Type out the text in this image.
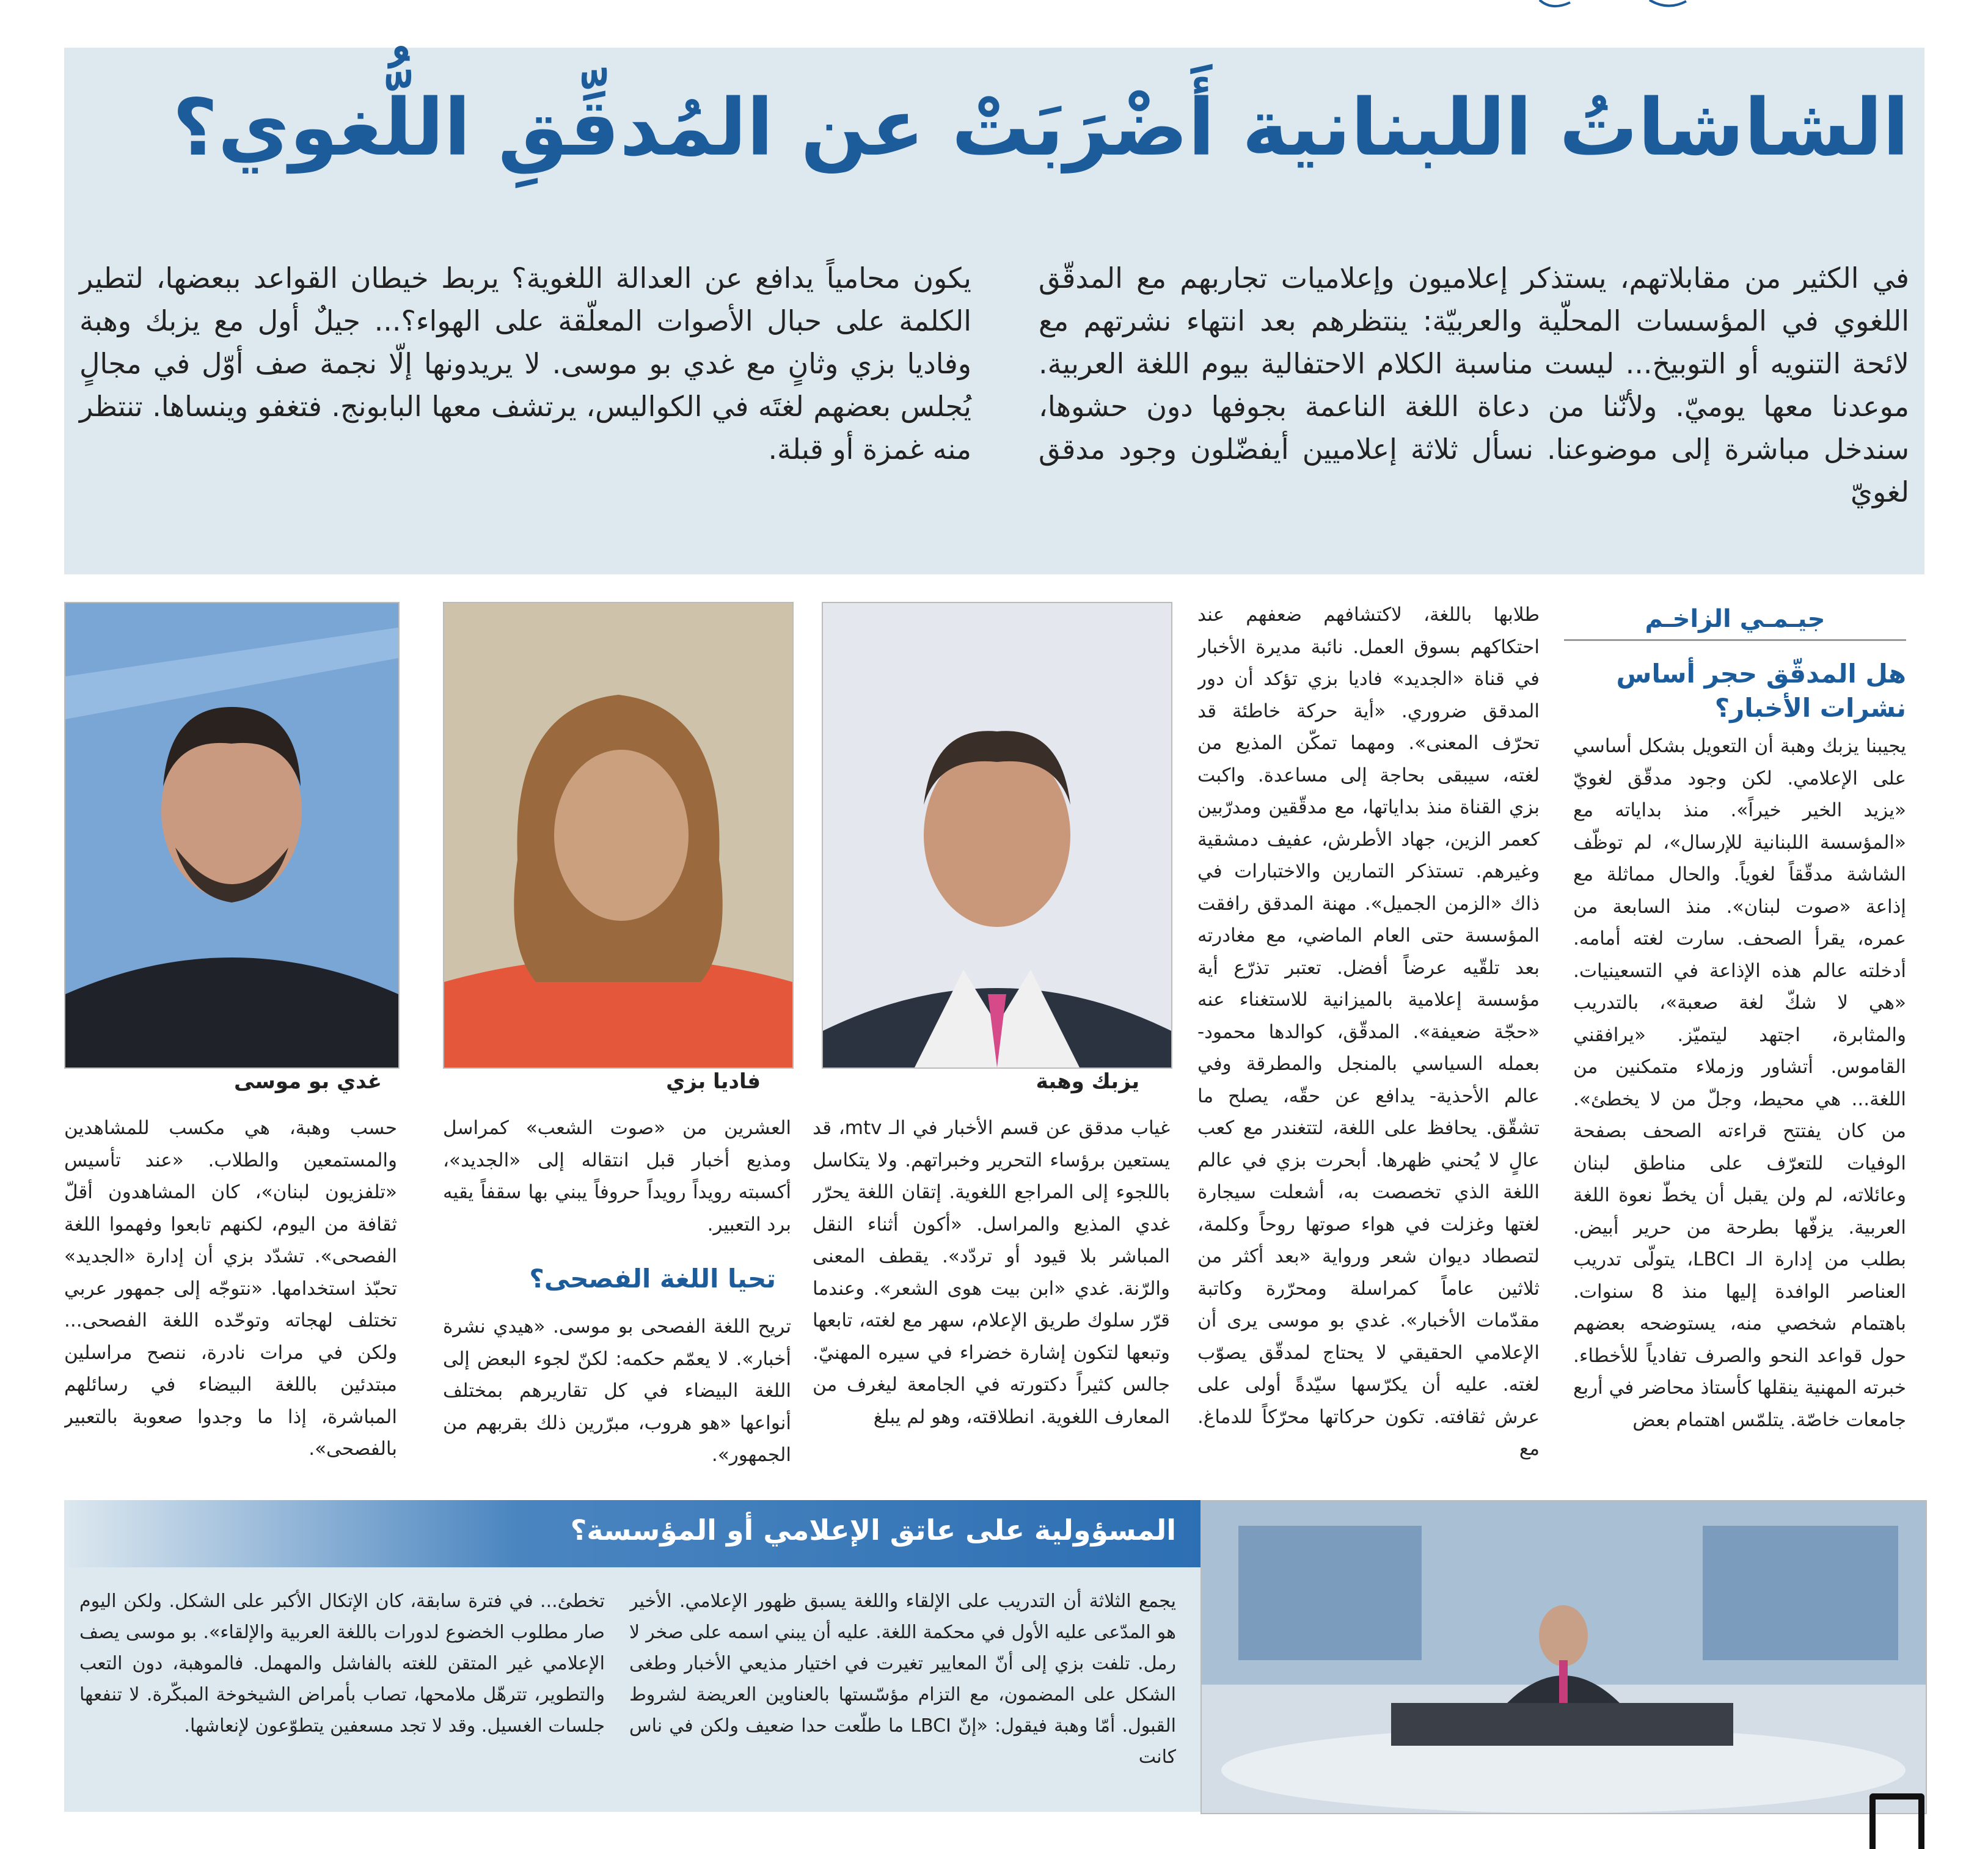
الشاشاتُ اللبنانية أَضْرَبَتْ عن المُدقِّقِ اللُّغوي؟
في الكثير من مقابلاتهم، يستذكر إعلاميون وإعلاميات تجاربهم مع المدقّق اللغوي في المؤسسات المحلّية والعربيّة: ينتظرهم بعد انتهاء نشرتهم مع لائحة التنويه أو التوبيخ... ليست مناسبة الكلام الاحتفالية بيوم اللغة العربية. موعدنا معها يوميّ. ولأنّنا من دعاة اللغة الناعمة بجوفها دون حشوها، سندخل مباشرة إلى موضوعنا. نسأل ثلاثة إعلاميين أيفضّلون وجود مدقق لغويّ
يكون محامياً يدافع عن العدالة اللغوية؟ يربط خيطان القواعد ببعضها، لتطير الكلمة على حبال الأصوات المعلّقة على الهواء؟... جيلٌ أول مع يزبك وهبة وفاديا بزي وثانٍ مع غدي بو موسى. لا يريدونها إلّا نجمة صف أوّل في مجالٍ يُجلس بعضهم لغتَه في الكواليس، يرتشف معها البابونج. فتغفو وينساها. تنتظر منه غمزة أو قبلة.
جيـمـي الزاخـم
هل المدقّق حجر أساس نشرات الأخبار؟
يجيبنا يزبك وهبة أن التعويل بشكل أساسي على الإعلامي. لكن وجود مدقّق لغويّ «يزيد الخير خيراً». منذ بداياته مع «المؤسسة اللبنانية للإرسال»، لم توظّف الشاشة مدقّقاً لغوياً. والحال مماثلة مع إذاعة «صوت لبنان». منذ السابعة من عمره، يقرأ الصحف. سارت لغته أمامه. أدخلته عالم هذه الإذاعة في التسعينيات. «هي لا شكّ لغة صعبة»، بالتدريب والمثابرة، اجتهد ليتميّز. «يرافقني القاموس. أتشاور وزملاء متمكنين من اللغة... هي محيط، وجلّ من لا يخطئ». من كان يفتتح قراءته الصحف بصفحة الوفيات للتعرّف على مناطق لبنان وعائلاته، لم ولن يقبل أن يخطّ نعوة اللغة العربية. يزفّها بطرحة من حرير أبيض. بطلب من إدارة الـ LBCI، يتولّى تدريب العناصر الوافدة إليها منذ 8 سنوات. باهتمام شخصي منه، يستوضحه بعضهم حول قواعد النحو والصرف تفادياً للأخطاء. خبرته المهنية ينقلها كأستاذ محاضر في أربع جامعات خاصّة. يتلمّس اهتمام بعض
طلابها باللغة، لاكتشافهم ضعفهم عند احتكاكهم بسوق العمل. نائبة مديرة الأخبار في قناة «الجديد» فاديا بزي تؤكد أن دور المدقق ضروري. «أية حركة خاطئة قد تحرّف المعنى». ومهما تمكّن المذيع من لغته، سيبقى بحاجة إلى مساعدة. واكبت بزي القناة منذ بداياتها، مع مدقّقين ومدرّبين كعمر الزين، جهاد الأطرش، عفيف دمشقية وغيرهم. تستذكر التمارين والاختبارات في ذاك «الزمن الجميل». مهنة المدقق رافقت المؤسسة حتى العام الماضي، مع مغادرته بعد تلقّيه عرضاً أفضل. تعتبر تذرّع أية مؤسسة إعلامية بالميزانية للاستغناء عنه «حجّة ضعيفة». المدقّق، كوالدها محمود- بعمله السياسي بالمنجل والمطرقة وفي عالم الأحذية- يدافع عن حقّه، يصلح ما تشقّق. يحافظ على اللغة، لتتغندر مع كعب عالٍ لا يُحني ظهرها. أبحرت بزي في عالم اللغة الذي تخصصت به، أشعلت سيجارة لغتها وغزلت في هواء صوتها روحاً وكلمة، لتصطاد ديوان شعر ورواية «بعد أكثر من ثلاثين عاماً كمراسلة ومحرّرة وكاتبة مقدّمات الأخبار». غدي بو موسى يرى أن الإعلامي الحقيقي لا يحتاج لمدقّق يصوّب لغته. عليه أن يكرّسها سيّدةً أولى على عرش ثقافته. تكون حركاتها محرّكاً للدماغ. مع
يزبك وهبة
فاديا بزي
غدي بو موسى
غياب مدقق عن قسم الأخبار في الـ mtv، قد يستعين برؤساء التحرير وخبراتهم. ولا يتكاسل باللجوء إلى المراجع اللغوية. إتقان اللغة يحرّر غدي المذيع والمراسل. «أكون أثناء النقل المباشر بلا قيود أو تردّد». يقطف المعنى والرّنة. غدي «ابن بيت هوى الشعر». وعندما قرّر سلوك طريق الإعلام، سهر مع لغته، تابعها وتبعها لتكون إشارة خضراء في سيره المهنيّ. جالس كثيراً دكتورته في الجامعة ليغرف من المعارف اللغوية. انطلاقته، وهو لم يبلغ
العشرين من «صوت الشعب» كمراسل ومذيع أخبار قبل انتقاله إلى «الجديد»، أكسبته رويداً رويداً حروفاً يبني بها سقفاً يقيه برد التعبير.
تحيا اللغة الفصحى؟
تريح اللغة الفصحى بو موسى. «هيدي نشرة أخبار». لا يعمّم حكمه: لكنّ لجوء البعض إلى اللغة البيضاء في كل تقاريرهم بمختلف أنواعها «هو هروب، مبرّرين ذلك بقربهم من الجمهور».
حسب وهبة، هي مكسب للمشاهدين والمستمعين والطلاب. «عند تأسيس «تلفزيون لبنان»، كان المشاهدون أقلّ ثقافة من اليوم، لكنهم تابعوا وفهموا اللغة الفصحى». تشدّد بزي أن إدارة «الجديد» تحبّذ استخدامها. «نتوجّه إلى جمهور عربي تختلف لهجاته وتوحّده اللغة الفصحى... ولكن في مرات نادرة، ننصح مراسلين مبتدئين باللغة البيضاء في رسائلهم المباشرة، إذا ما وجدوا صعوبة بالتعبير بالفصحى».
المسؤولية على عاتق الإعلامي أو المؤسسة؟
يجمع الثلاثة أن التدريب على الإلقاء واللغة يسبق ظهور الإعلامي. الأخير هو المدّعى عليه الأول في محكمة اللغة. عليه أن يبني اسمه على صخر لا رمل. تلفت بزي إلى أنّ المعايير تغيرت في اختيار مذيعي الأخبار وطغى الشكل على المضمون، مع التزام مؤسّستها بالعناوين العريضة لشروط القبول. أمّا وهبة فيقول: «إنّ LBCI ما طلّعت حدا ضعيف ولكن في ناس كانت
تخطئ... في فترة سابقة، كان الإتكال الأكبر على الشكل. ولكن اليوم صار مطلوب الخضوع لدورات باللغة العربية والإلقاء». بو موسى يصف الإعلامي غير المتقن للغته بالفاشل والمهمل. فالموهبة، دون التعب والتطوير، تترهّل ملامحها، تصاب بأمراض الشيخوخة المبكّرة. لا تنفعها جلسات الغسيل. وقد لا تجد مسعفين يتطوّعون لإنعاشها.
